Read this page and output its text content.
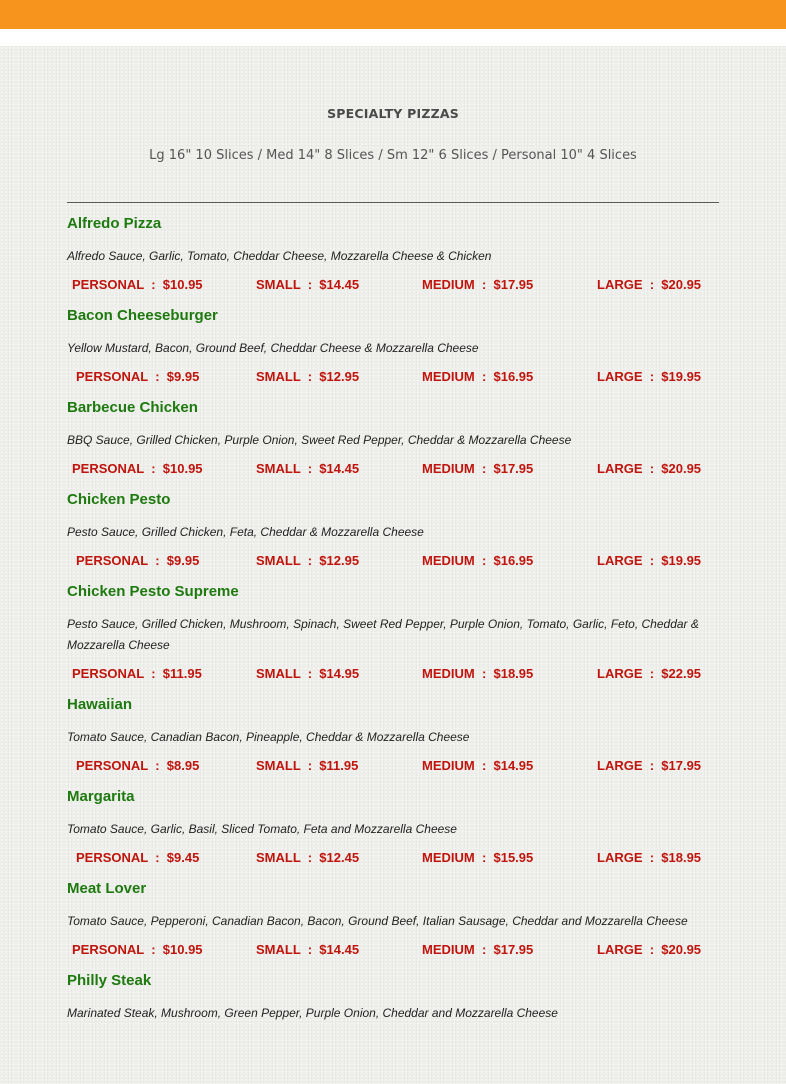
SPECIALTY PIZZAS
Lg 16" 10 Slices / Med 14" 8 Slices / Sm 12" 6 Slices / Personal 10" 4 Slices
Alfredo Pizza
Alfredo Sauce, Garlic, Tomato, Cheddar Cheese, Mozzarella Cheese & Chicken
PERSONAL  :  $10.95	SMALL  :  $14.45	MEDIUM  :  $17.95	LARGE  :  $20.95
Bacon Cheeseburger
Yellow Mustard, Bacon, Ground Beef, Cheddar Cheese & Mozzarella Cheese
PERSONAL  :  $9.95	SMALL  :  $12.95	MEDIUM  :  $16.95	LARGE  :  $19.95
Barbecue Chicken
BBQ Sauce, Grilled Chicken, Purple Onion, Sweet Red Pepper, Cheddar & Mozzarella Cheese
PERSONAL  :  $10.95	SMALL  :  $14.45	MEDIUM  :  $17.95	LARGE  :  $20.95
Chicken Pesto
Pesto Sauce, Grilled Chicken, Feta, Cheddar & Mozzarella Cheese
PERSONAL  :  $9.95	SMALL  :  $12.95	MEDIUM  :  $16.95	LARGE  :  $19.95
Chicken Pesto Supreme
Pesto Sauce, Grilled Chicken, Mushroom, Spinach, Sweet Red Pepper, Purple Onion, Tomato, Garlic, Feto, Cheddar & Mozzarella Cheese
PERSONAL  :  $11.95	SMALL  :  $14.95	MEDIUM  :  $18.95	LARGE  :  $22.95
Hawaiian
Tomato Sauce, Canadian Bacon, Pineapple, Cheddar & Mozzarella Cheese
PERSONAL  :  $8.95	SMALL  :  $11.95	MEDIUM  :  $14.95	LARGE  :  $17.95
Margarita
Tomato Sauce, Garlic, Basil, Sliced Tomato, Feta and Mozzarella Cheese
PERSONAL  :  $9.45	SMALL  :  $12.45	MEDIUM  :  $15.95	LARGE  :  $18.95
Meat Lover
Tomato Sauce, Pepperoni, Canadian Bacon, Bacon, Ground Beef, Italian Sausage, Cheddar and Mozzarella Cheese
PERSONAL  :  $10.95	SMALL  :  $14.45	MEDIUM  :  $17.95	LARGE  :  $20.95
Philly Steak
Marinated Steak, Mushroom, Green Pepper, Purple Onion, Cheddar and Mozzarella Cheese
